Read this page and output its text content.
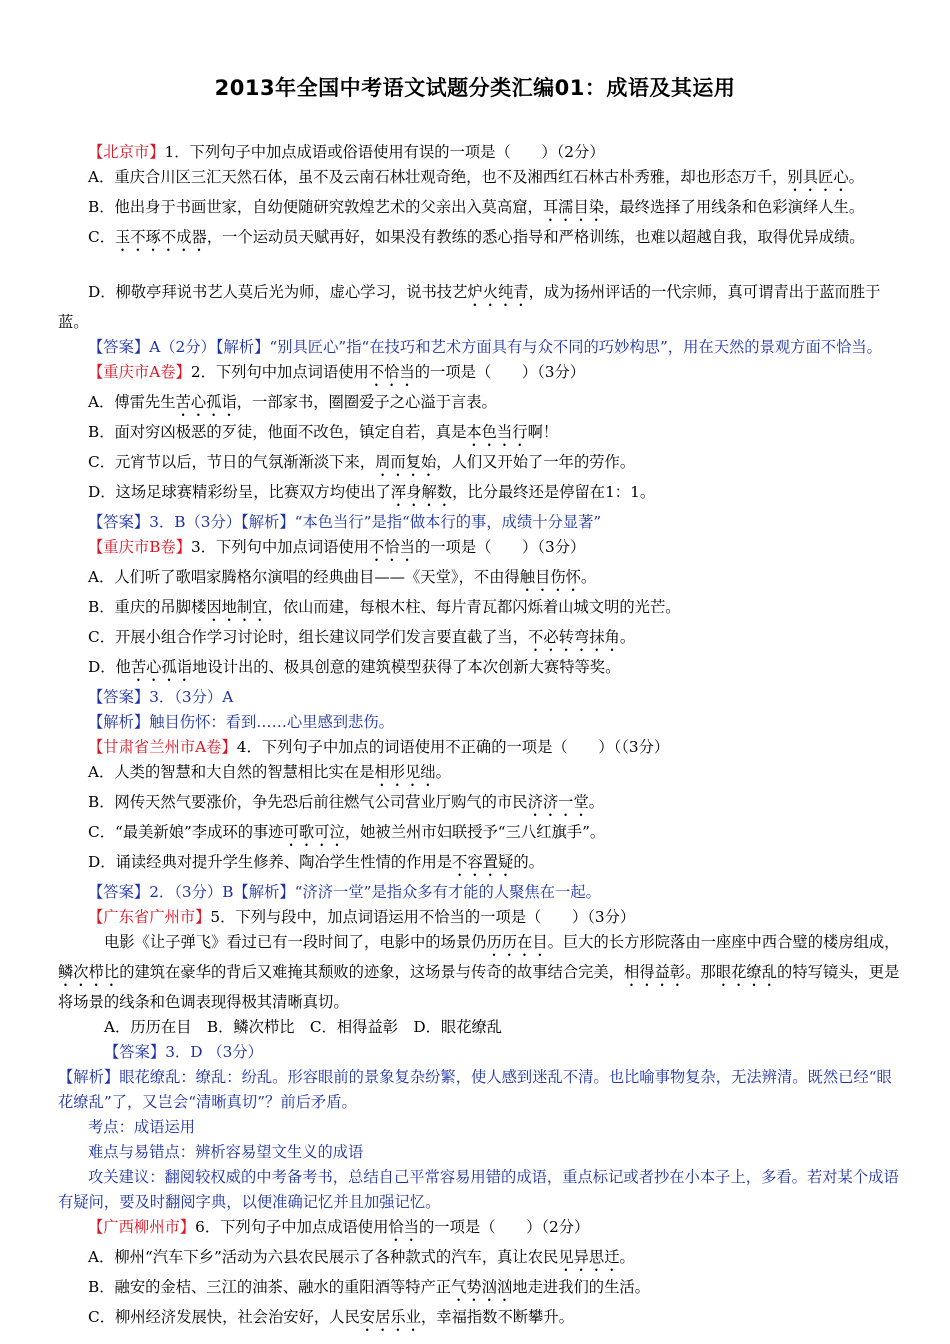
2013年全国中考语文试题分类汇编01：成语及其运用

【北京市】1．下列句子中加点成语或俗语使用有误的一项是（　　）（2分）

A．重庆合川区三汇天然石体，虽不及云南石林壮观奇绝，也不及湘西红石林古朴秀雅，却也形态万千，别具匠心。

B．他出身于书画世家，自幼便随研究敦煌艺术的父亲出入莫高窟，耳濡目染，最终选择了用线条和色彩演绎人生。

C．玉不琢不成器，一个运动员天赋再好，如果没有教练的悉心指导和严格训练，也难以超越自我，取得优异成绩。

D．柳敬亭拜说书艺人莫后光为师，虚心学习，说书技艺炉火纯青，成为扬州评话的一代宗师，真可谓青出于蓝而胜于蓝。

【答案】A（2分）【解析】“别具匠心”指“在技巧和艺术方面具有与众不同的巧妙构思”，用在天然的景观方面不恰当。

【重庆市A卷】2．下列句中加点词语使用不恰当的一项是（　　）（3分）

A．傅雷先生苦心孤诣，一部家书，圈圈爱子之心溢于言表。

B．面对穷凶极恶的歹徒，他面不改色，镇定自若，真是本色当行啊！

C．元宵节以后，节日的气氛渐渐淡下来，周而复始，人们又开始了一年的劳作。

D．这场足球赛精彩纷呈，比赛双方均使出了浑身解数，比分最终还是停留在1：1。

【答案】3．B（3分）【解析】“本色当行”是指“做本行的事，成绩十分显著”

【重庆市B卷】3．下列句中加点词语使用不恰当的一项是（　　）（3分）

A．人们听了歌唱家腾格尔演唱的经典曲目——《天堂》，不由得触目伤怀。

B．重庆的吊脚楼因地制宜，依山而建，每根木柱、每片青瓦都闪烁着山城文明的光芒。

C．开展小组合作学习讨论时，组长建议同学们发言要直截了当，不必转弯抹角。

D．他苦心孤诣地设计出的、极具创意的建筑模型获得了本次创新大赛特等奖。

【答案】3．（3分）A

【解析】触目伤怀：看到……心里感到悲伤。

【甘肃省兰州市A卷】4．下列句子中加点的词语使用不正确的一项是（　　）（（3分）

A．人类的智慧和大自然的智慧相比实在是相形见绌。

B．网传天然气要涨价，争先恐后前往燃气公司营业厅购气的市民济济一堂。

C．“最美新娘”李成环的事迹可歌可泣，她被兰州市妇联授予“三八红旗手”。

D．诵读经典对提升学生修养、陶冶学生性情的作用是不容置疑的。

【答案】2．（3分）B【解析】“济济一堂”是指众多有才能的人聚焦在一起。

【广东省广州市】5．下列与段中，加点词语运用不恰当的一项是（　　）（3分）

电影《让子弹飞》看过已有一段时间了，电影中的场景仍历历在目。巨大的长方形院落由一座座中西合璧的楼房组成，鳞次栉比的建筑在豪华的背后又难掩其颓败的迹象，这场景与传奇的故事结合完美，相得益彰。那眼花缭乱的特写镜头，更是将场景的线条和色调表现得极其清晰真切。

A．历历在目　B．鳞次栉比　C．相得益彰　D．眼花缭乱

【答案】3．D （3分）

【解析】眼花缭乱：缭乱：纷乱。形容眼前的景象复杂纷繁，使人感到迷乱不清。也比喻事物复杂，无法辨清。既然已经“眼花缭乱”了，又岂会“清晰真切”？前后矛盾。

考点：成语运用

难点与易错点：辨析容易望文生义的成语

攻关建议：翻阅较权威的中考备考书，总结自己平常容易用错的成语，重点标记或者抄在小本子上，多看。若对某个成语有疑问，要及时翻阅字典，以便准确记忆并且加强记忆。

【广西柳州市】6．下列句子中加点成语使用恰当的一项是（　　）（2分）

A．柳州“汽车下乡”活动为六县农民展示了各种款式的汽车，真让农民见异思迁。

B．融安的金桔、三江的油茶、融水的重阳酒等特产正气势汹汹地走进我们的生活。

C．柳州经济发展快，社会治安好，人民安居乐业，幸福指数不断攀升。
